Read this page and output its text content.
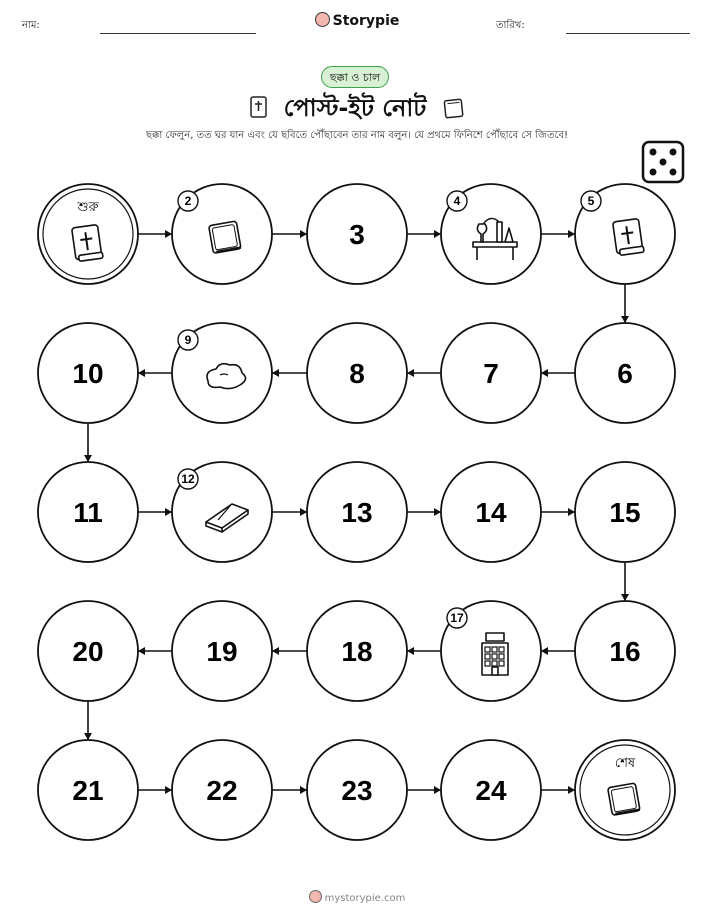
নাম:	Storypie	তারিখ:
ছক্কা ও চাল
পোস্ট-ইট নোট
ছক্কা ফেলুন, তত ঘর যান এবং যে ছবিতে পৌঁছাবেন তার নাম বলুন। যে প্রথমে ফিনিশে পৌঁছাবে সে জিতবে!
শুরু	2
3
4	5
6
7
8
9
10
11
12
13	14	15
16
17
18
19
20
21	22	23	24
শেষ
mystorypie.com
